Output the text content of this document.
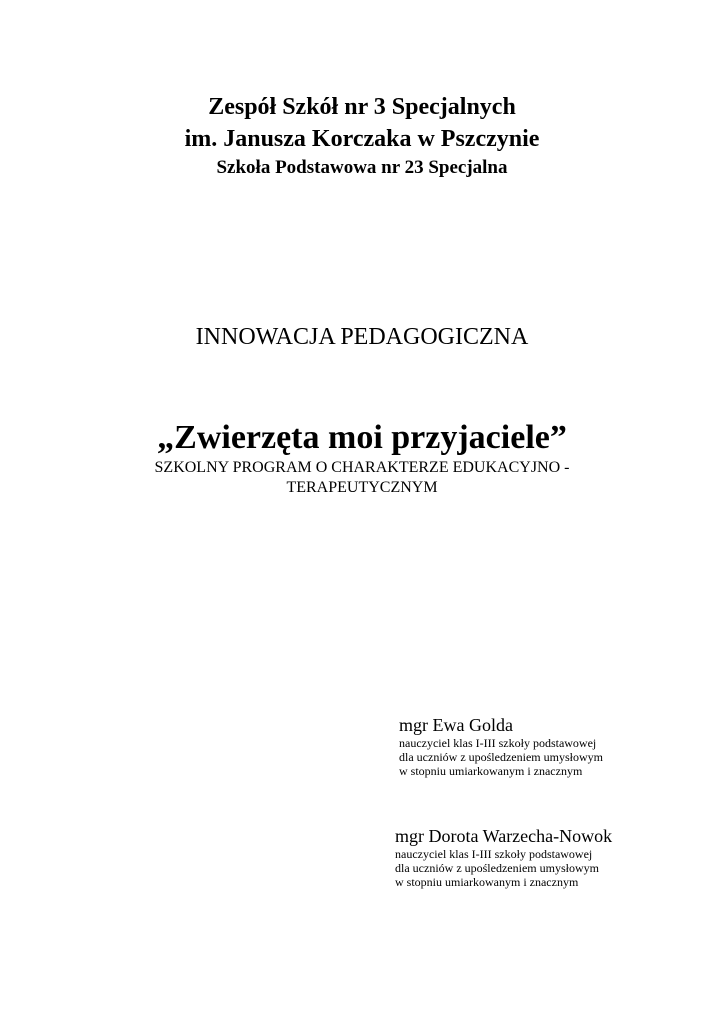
Zespół Szkół nr 3 Specjalnych
im. Janusza Korczaka w Pszczynie
Szkoła Podstawowa nr 23 Specjalna
INNOWACJA PEDAGOGICZNA
„Zwierzęta moi przyjaciele”
SZKOLNY PROGRAM O CHARAKTERZE EDUKACYJNO -
TERAPEUTYCZNYM
mgr Ewa Golda
nauczyciel klas I-III szkoły podstawowej
dla uczniów z upośledzeniem umysłowym
w stopniu umiarkowanym i znacznym
mgr Dorota Warzecha-Nowok
nauczyciel klas I-III szkoły podstawowej
dla uczniów z upośledzeniem umysłowym
w stopniu umiarkowanym i znacznym
